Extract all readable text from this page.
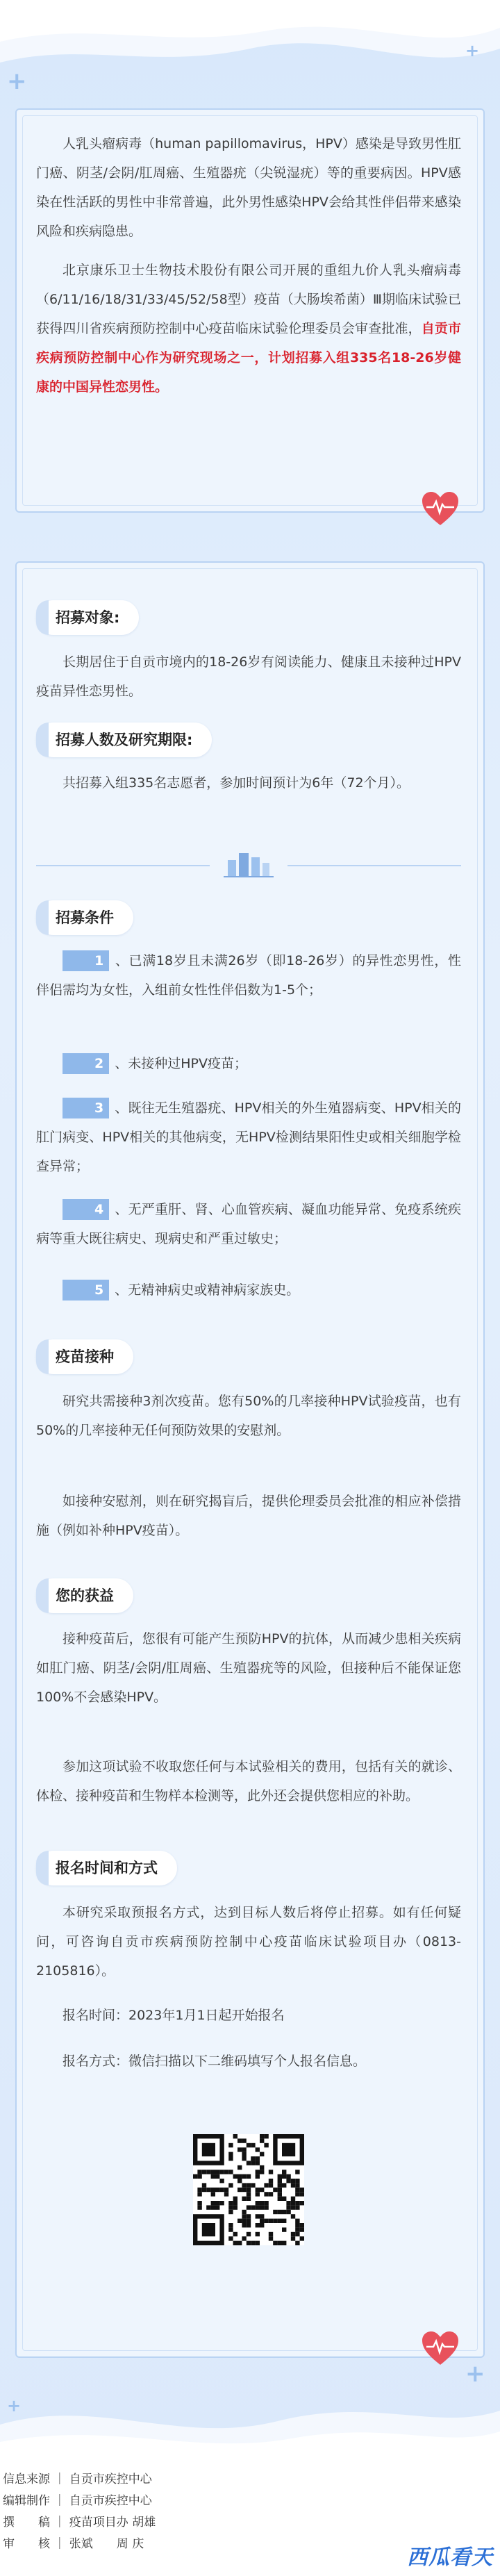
+
+

人乳头瘤病毒（human papillomavirus，HPV）感染是导致男性肛门癌、阴茎/会阴/肛周癌、生殖器疣（尖锐湿疣）等的重要病因。HPV感染在性活跃的男性中非常普遍，此外男性感染HPV会给其性伴侣带来感染风险和疾病隐患。

北京康乐卫士生物技术股份有限公司开展的重组九价人乳头瘤病毒（6/11/16/18/31/33/45/52/58型）疫苗（大肠埃希菌）Ⅲ期临床试验已获得四川省疾病预防控制中心疫苗临床试验伦理委员会审查批准，自贡市疾病预防控制中心作为研究现场之一，计划招募入组335名18-26岁健康的中国异性恋男性。

招募对象:

长期居住于自贡市境内的18-26岁有阅读能力、健康且未接种过HPV疫苗异性恋男性。

招募人数及研究期限:

共招募入组335名志愿者，参加时间预计为6年（72个月）。

招募条件

1 、已满18岁且未满26岁（即18-26岁）的异性恋男性，性伴侣需均为女性，入组前女性性伴侣数为1-5个；

2 、未接种过HPV疫苗；

3 、既往无生殖器疣、HPV相关的外生殖器病变、HPV相关的肛门病变、HPV相关的其他病变，无HPV检测结果阳性史或相关细胞学检查异常；

4 、无严重肝、肾、心血管疾病、凝血功能异常、免疫系统疾病等重大既往病史、现病史和严重过敏史；

5 、无精神病史或精神病家族史。

疫苗接种

研究共需接种3剂次疫苗。您有50%的几率接种HPV试验疫苗，也有50%的几率接种无任何预防效果的安慰剂。

如接种安慰剂，则在研究揭盲后，提供伦理委员会批准的相应补偿措施（例如补种HPV疫苗）。

您的获益

接种疫苗后，您很有可能产生预防HPV的抗体，从而减少患相关疾病如肛门癌、阴茎/会阴/肛周癌、生殖器疣等的风险，但接种后不能保证您100%不会感染HPV。

参加这项试验不收取您任何与本试验相关的费用，包括有关的就诊、体检、接种疫苗和生物样本检测等，此外还会提供您相应的补助。

报名时间和方式

本研究采取预报名方式，达到目标人数后将停止招募。如有任何疑问，可咨询自贡市疾病预防控制中心疫苗临床试验项目办（0813-2105816）。

报名时间：2023年1月1日起开始报名

报名方式：微信扫描以下二维码填写个人报名信息。

+
+
信息来源 ｜ 自贡市疾控中心
编辑制作 ｜ 自贡市疾控中心
撰　　稿 ｜ 疫苗项目办 胡雄
审　　核 ｜ 张斌　　周 庆
西瓜看天
